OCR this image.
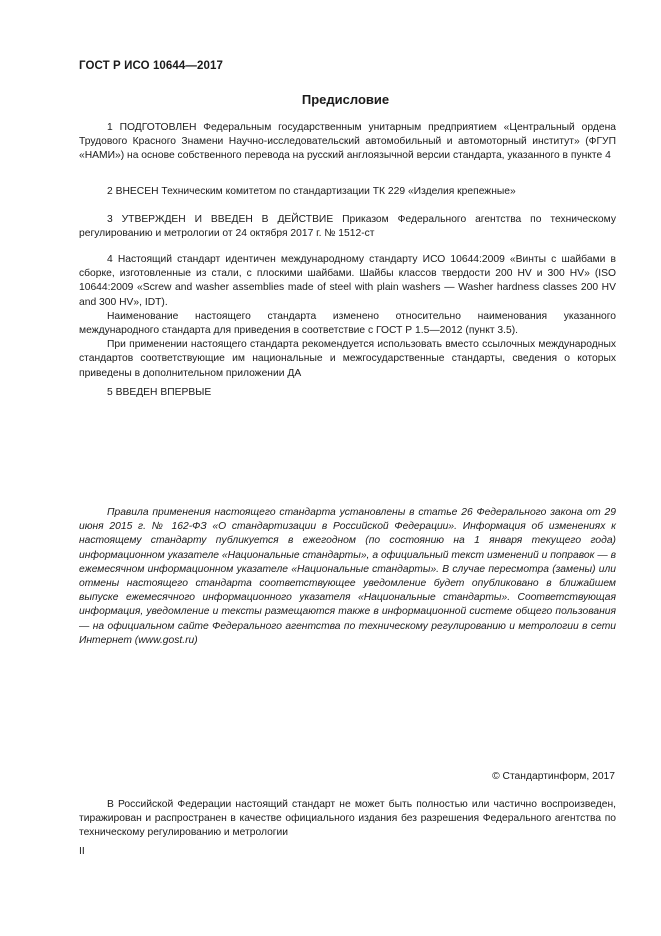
ГОСТ Р ИСО 10644—2017
Предисловие

1 ПОДГОТОВЛЕН Федеральным государственным унитарным предприятием «Центральный ордена Трудового Красного Знамени Научно-исследовательский автомобильный и автомоторный институт» (ФГУП «НАМИ») на основе собственного перевода на русский англоязычной версии стандарта, указанного в пункте 4

2 ВНЕСЕН Техническим комитетом по стандартизации ТК 229 «Изделия крепежные»

3 УТВЕРЖДЕН И ВВЕДЕН В ДЕЙСТВИЕ Приказом Федерального агентства по техническому регулированию и метрологии от 24 октября 2017 г. № 1512-ст

4 Настоящий стандарт идентичен международному стандарту ИСО 10644:2009 «Винты с шайбами в сборке, изготовленные из стали, с плоскими шайбами. Шайбы классов твердости 200 HV и 300 HV» (ISO 10644:2009 «Screw and washer assemblies made of steel with plain washers — Washer hardness classes 200 HV and 300 HV», IDT).

Наименование настоящего стандарта изменено относительно наименования указанного международного стандарта для приведения в соответствие с ГОСТ Р 1.5—2012 (пункт 3.5).

При применении настоящего стандарта рекомендуется использовать вместо ссылочных международных стандартов соответствующие им национальные и межгосударственные стандарты, сведения о которых приведены в дополнительном приложении ДА

5 ВВЕДЕН ВПЕРВЫЕ

Правила применения настоящего стандарта установлены в статье 26 Федерального закона от 29 июня 2015 г. № 162-ФЗ «О стандартизации в Российской Федерации». Информация об изменениях к настоящему стандарту публикуется в ежегодном (по состоянию на 1 января текущего года) информационном указателе «Национальные стандарты», а официальный текст изменений и поправок — в ежемесячном информационном указателе «Национальные стандарты». В случае пересмотра (замены) или отмены настоящего стандарта соответствующее уведомление будет опубликовано в ближайшем выпуске ежемесячного информационного указателя «Национальные стандарты». Соответствующая информация, уведомление и тексты размещаются также в информационной системе общего пользования — на официальном сайте Федерального агентства по техническому регулированию и метрологии в сети Интернет (www.gost.ru)

© Стандартинформ, 2017

В Российской Федерации настоящий стандарт не может быть полностью или частично воспроизведен, тиражирован и распространен в качестве официального издания без разрешения Федерального агентства по техническому регулированию и метрологии

II
